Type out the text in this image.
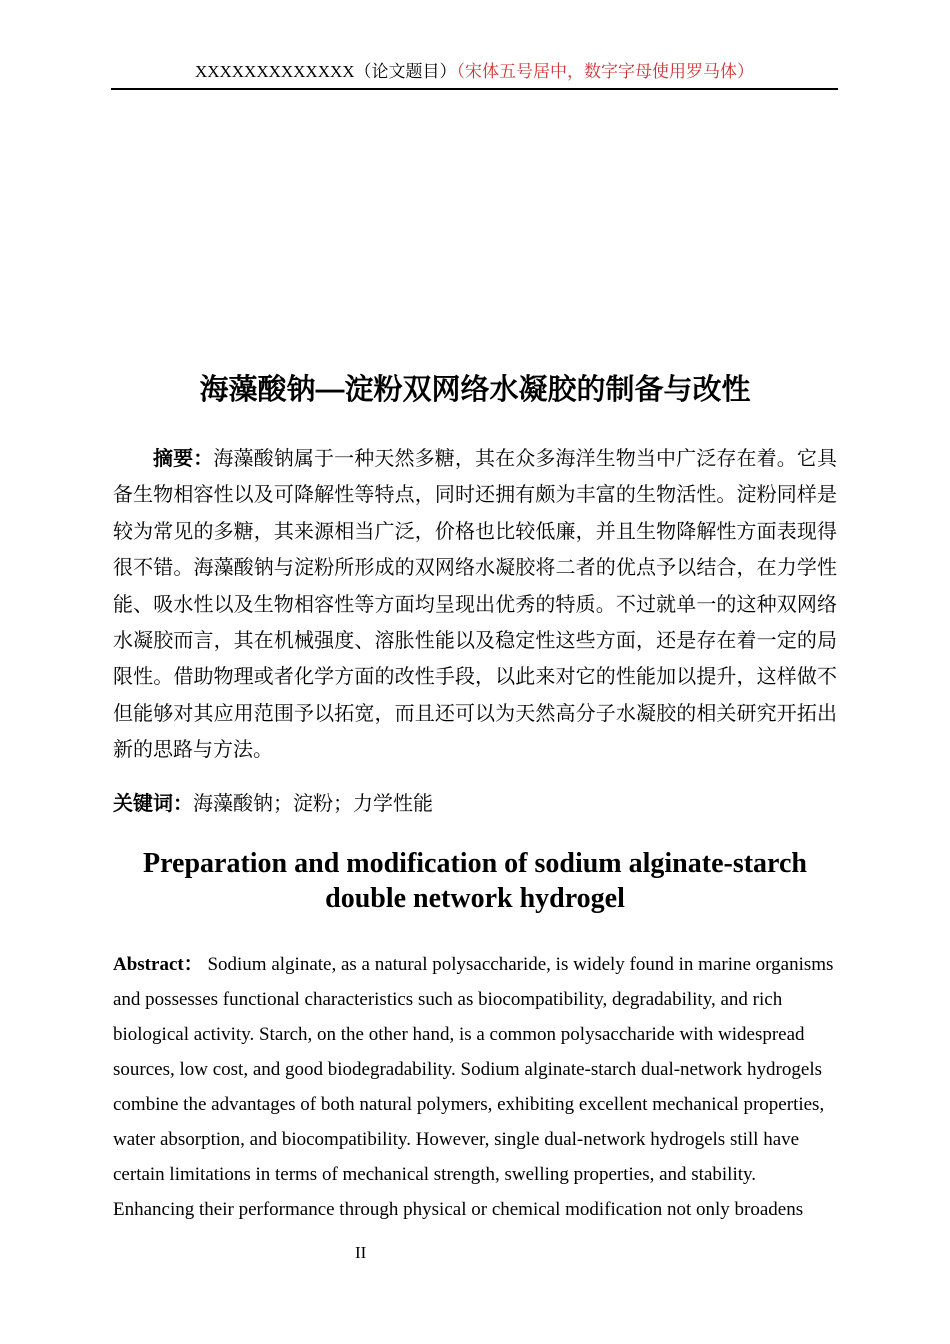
XXXXXXXXXXXXX（论文题目）（宋体五号居中，数字字母使用罗马体）
海藻酸钠—淀粉双网络水凝胶的制备与改性

摘要：海藻酸钠属于一种天然多糖，其在众多海洋生物当中广泛存在着。它具备生物相容性以及可降解性等特点，同时还拥有颇为丰富的生物活性。淀粉同样是较为常见的多糖，其来源相当广泛，价格也比较低廉，并且生物降解性方面表现得很不错。海藻酸钠与淀粉所形成的双网络水凝胶将二者的优点予以结合，在力学性能、吸水性以及生物相容性等方面均呈现出优秀的特质。不过就单一的这种双网络水凝胶而言，其在机械强度、溶胀性能以及稳定性这些方面，还是存在着一定的局限性。借助物理或者化学方面的改性手段，以此来对它的性能加以提升，这样做不但能够对其应用范围予以拓宽，而且还可以为天然高分子水凝胶的相关研究开拓出新的思路与方法。

关键词：海藻酸钠；淀粉；力学性能

Preparation and modification of sodium alginate-starch double network hydrogel

Abstract： Sodium alginate, as a natural polysaccharide, is widely found in marine organisms and possesses functional characteristics such as biocompatibility, degradability, and rich biological activity. Starch, on the other hand, is a common polysaccharide with widespread sources, low cost, and good biodegradability. Sodium alginate-starch dual-network hydrogels combine the advantages of both natural polymers, exhibiting excellent mechanical properties, water absorption, and biocompatibility. However, single dual-network hydrogels still have certain limitations in terms of mechanical strength, swelling properties, and stability. Enhancing their performance through physical or chemical modification not only broadens

II
